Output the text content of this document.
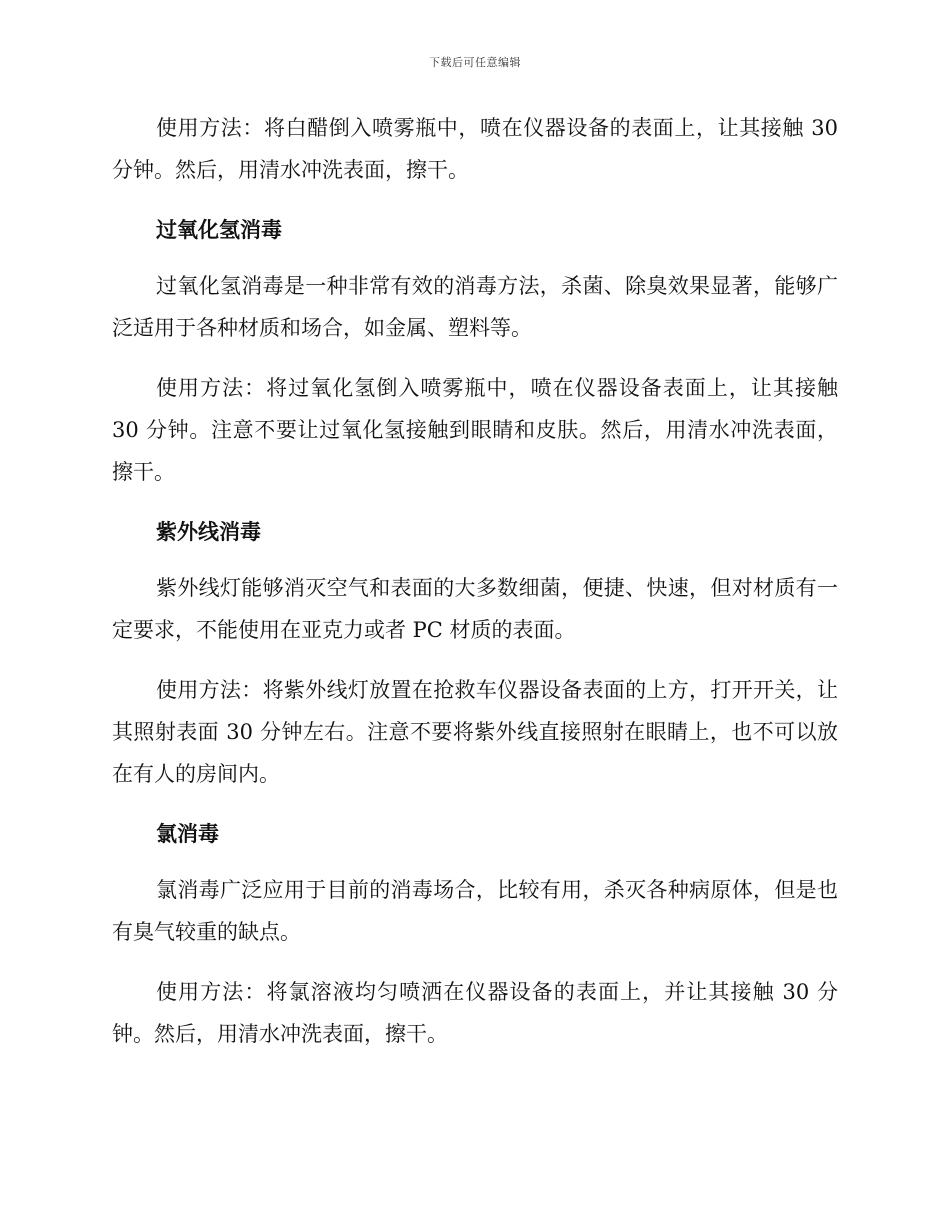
下载后可任意编辑

使用方法：将白醋倒入喷雾瓶中，喷在仪器设备的表面上，让其接触 30 分钟。然后，用清水冲洗表面，擦干。

过氧化氢消毒

过氧化氢消毒是一种非常有效的消毒方法，杀菌、除臭效果显著，能够广泛适用于各种材质和场合，如金属、塑料等。

使用方法：将过氧化氢倒入喷雾瓶中，喷在仪器设备表面上，让其接触 30 分钟。注意不要让过氧化氢接触到眼睛和皮肤。然后，用清水冲洗表面，擦干。

紫外线消毒

紫外线灯能够消灭空气和表面的大多数细菌，便捷、快速，但对材质有一定要求，不能使用在亚克力或者 PC 材质的表面。

使用方法：将紫外线灯放置在抢救车仪器设备表面的上方，打开开关，让其照射表面 30 分钟左右。注意不要将紫外线直接照射在眼睛上，也不可以放在有人的房间内。

氯消毒

氯消毒广泛应用于目前的消毒场合，比较有用，杀灭各种病原体，但是也有臭气较重的缺点。

使用方法：将氯溶液均匀喷洒在仪器设备的表面上，并让其接触 30 分钟。然后，用清水冲洗表面，擦干。
